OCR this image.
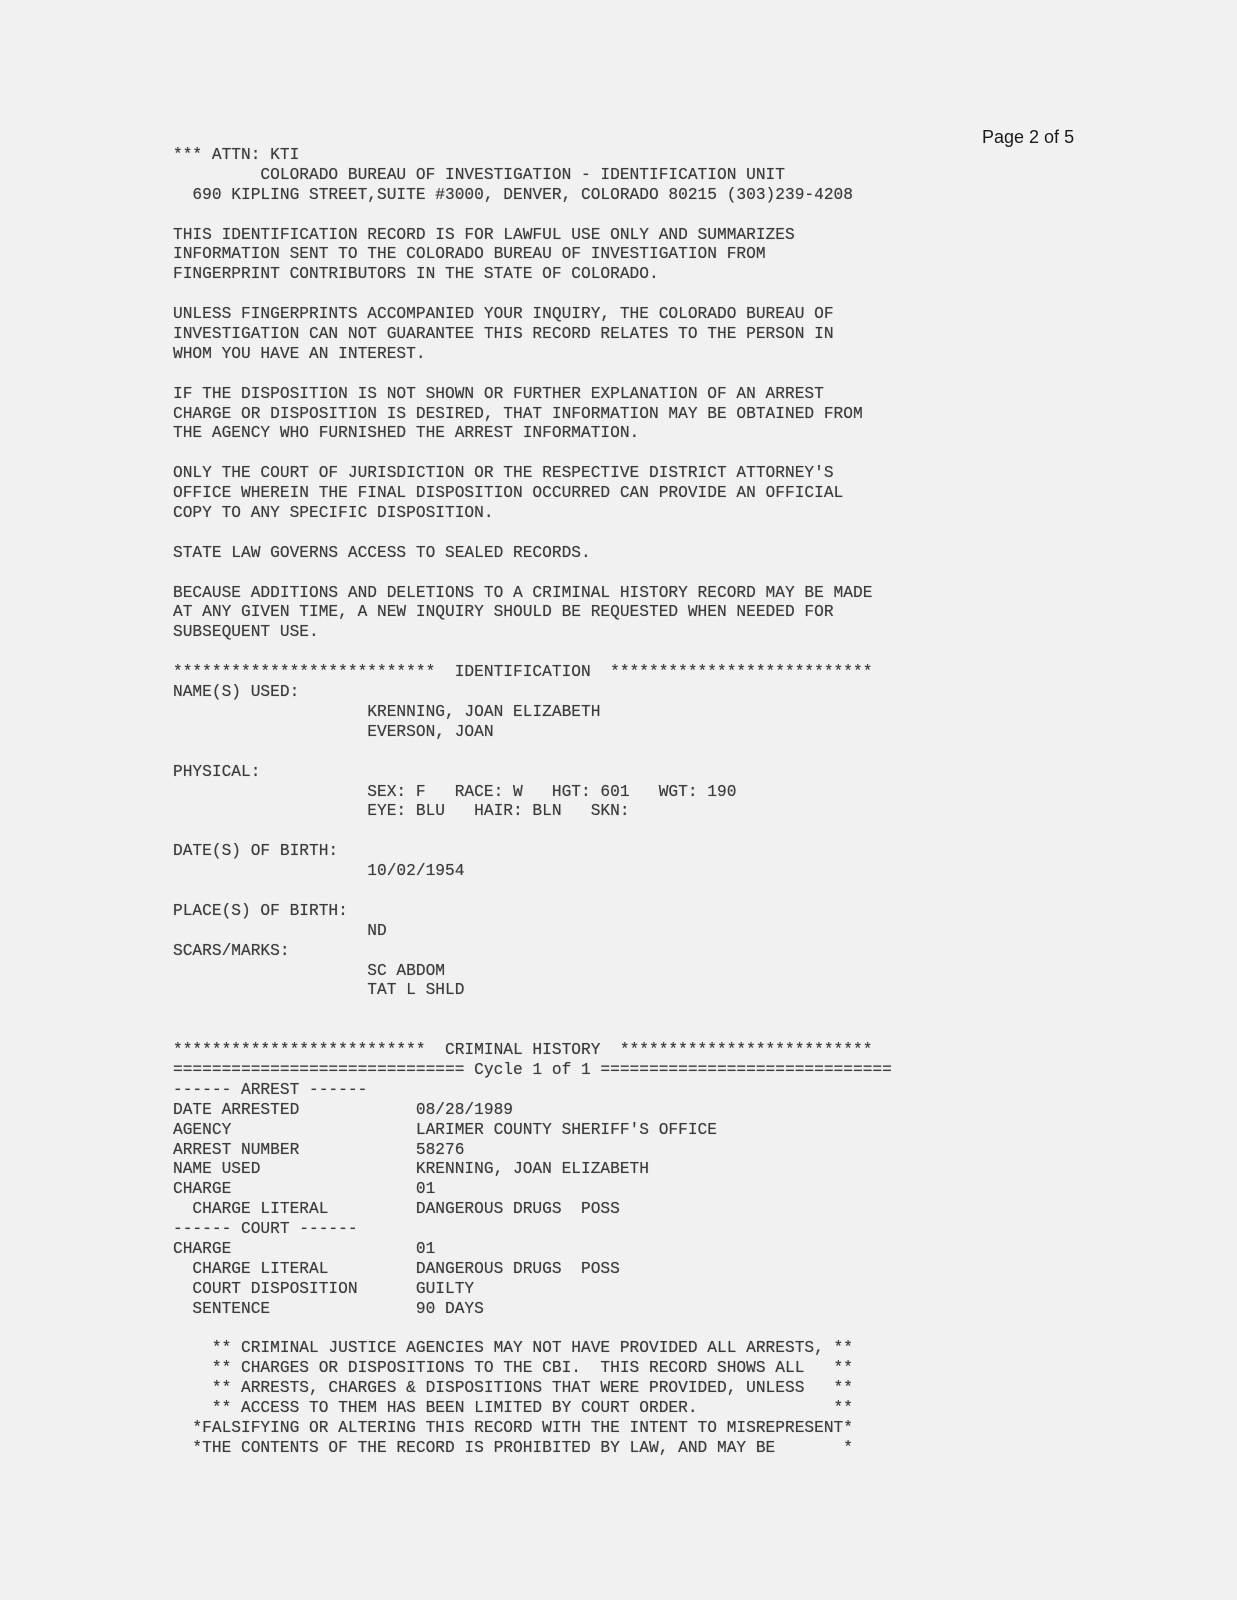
Page 2 of 5
*** ATTN: KTI
COLORADO BUREAU OF INVESTIGATION - IDENTIFICATION UNIT
690 KIPLING STREET,SUITE #3000, DENVER, COLORADO 80215 (303)239-4208
THIS IDENTIFICATION RECORD IS FOR LAWFUL USE ONLY AND SUMMARIZES
INFORMATION SENT TO THE COLORADO BUREAU OF INVESTIGATION FROM
FINGERPRINT CONTRIBUTORS IN THE STATE OF COLORADO.
UNLESS FINGERPRINTS ACCOMPANIED YOUR INQUIRY, THE COLORADO BUREAU OF
INVESTIGATION CAN NOT GUARANTEE THIS RECORD RELATES TO THE PERSON IN
WHOM YOU HAVE AN INTEREST.
IF THE DISPOSITION IS NOT SHOWN OR FURTHER EXPLANATION OF AN ARREST
CHARGE OR DISPOSITION IS DESIRED, THAT INFORMATION MAY BE OBTAINED FROM
THE AGENCY WHO FURNISHED THE ARREST INFORMATION.
ONLY THE COURT OF JURISDICTION OR THE RESPECTIVE DISTRICT ATTORNEY'S
OFFICE WHEREIN THE FINAL DISPOSITION OCCURRED CAN PROVIDE AN OFFICIAL
COPY TO ANY SPECIFIC DISPOSITION.
STATE LAW GOVERNS ACCESS TO SEALED RECORDS.
BECAUSE ADDITIONS AND DELETIONS TO A CRIMINAL HISTORY RECORD MAY BE MADE
AT ANY GIVEN TIME, A NEW INQUIRY SHOULD BE REQUESTED WHEN NEEDED FOR
SUBSEQUENT USE.
***************************  IDENTIFICATION  ***************************
NAME(S) USED:
KRENNING, JOAN ELIZABETH
EVERSON, JOAN
PHYSICAL:
SEX: F   RACE: W   HGT: 601   WGT: 190
EYE: BLU   HAIR: BLN   SKN:
DATE(S) OF BIRTH:
10/02/1954
PLACE(S) OF BIRTH:
ND
SCARS/MARKS:
SC ABDOM
TAT L SHLD
**************************  CRIMINAL HISTORY  **************************
============================== Cycle 1 of 1 ==============================
------ ARREST ------
DATE ARRESTED            08/28/1989
AGENCY                   LARIMER COUNTY SHERIFF'S OFFICE
ARREST NUMBER            58276
NAME USED                KRENNING, JOAN ELIZABETH
CHARGE                   01
CHARGE LITERAL         DANGEROUS DRUGS  POSS
------ COURT ------
CHARGE                   01
CHARGE LITERAL         DANGEROUS DRUGS  POSS
COURT DISPOSITION      GUILTY
SENTENCE               90 DAYS
** CRIMINAL JUSTICE AGENCIES MAY NOT HAVE PROVIDED ALL ARRESTS, **
** CHARGES OR DISPOSITIONS TO THE CBI.  THIS RECORD SHOWS ALL   **
** ARRESTS, CHARGES & DISPOSITIONS THAT WERE PROVIDED, UNLESS   **
** ACCESS TO THEM HAS BEEN LIMITED BY COURT ORDER.              **
*FALSIFYING OR ALTERING THIS RECORD WITH THE INTENT TO MISREPRESENT*
*THE CONTENTS OF THE RECORD IS PROHIBITED BY LAW, AND MAY BE       *
